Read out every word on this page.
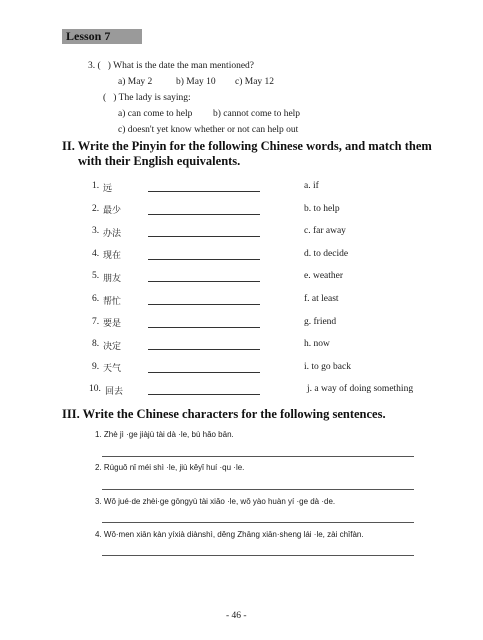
Lesson 7
3. (   ) What is the date the man mentioned?
a) May 2 b) May 10 c) May 12
(   ) The lady is saying:
a) can come to help b) cannot come to help
c) doesn't yet know whether or not can help out
II. Write the Pinyin for the following Chinese words, and match them
with their English equivalents.
1. 远	a. if
2. 最少	b. to help
3. 办法	c. far away
4. 现在	d. to decide
5. 朋友	e. weather
6. 帮忙	f. at least
7. 要是	g. friend
8. 决定	h. now
9. 天气	i. to go back
10. 回去	j. a way of doing something
III. Write the Chinese characters for the following sentences.
1. Zhè jì ·ge jiàjù tài dà ·le, bù hǎo bān.
2. Rúguǒ nǐ méi shì ·le, jiù kěyǐ huí ·qu ·le.
3. Wǒ jué·de zhèi·ge gōngyù tài xiǎo ·le, wǒ yào huàn yí ·ge dà ·de.
4. Wǒ·men xiān kàn yíxià diànshì, děng Zhāng xiān·sheng lái ·le, zài chīfàn.
- 46 -
